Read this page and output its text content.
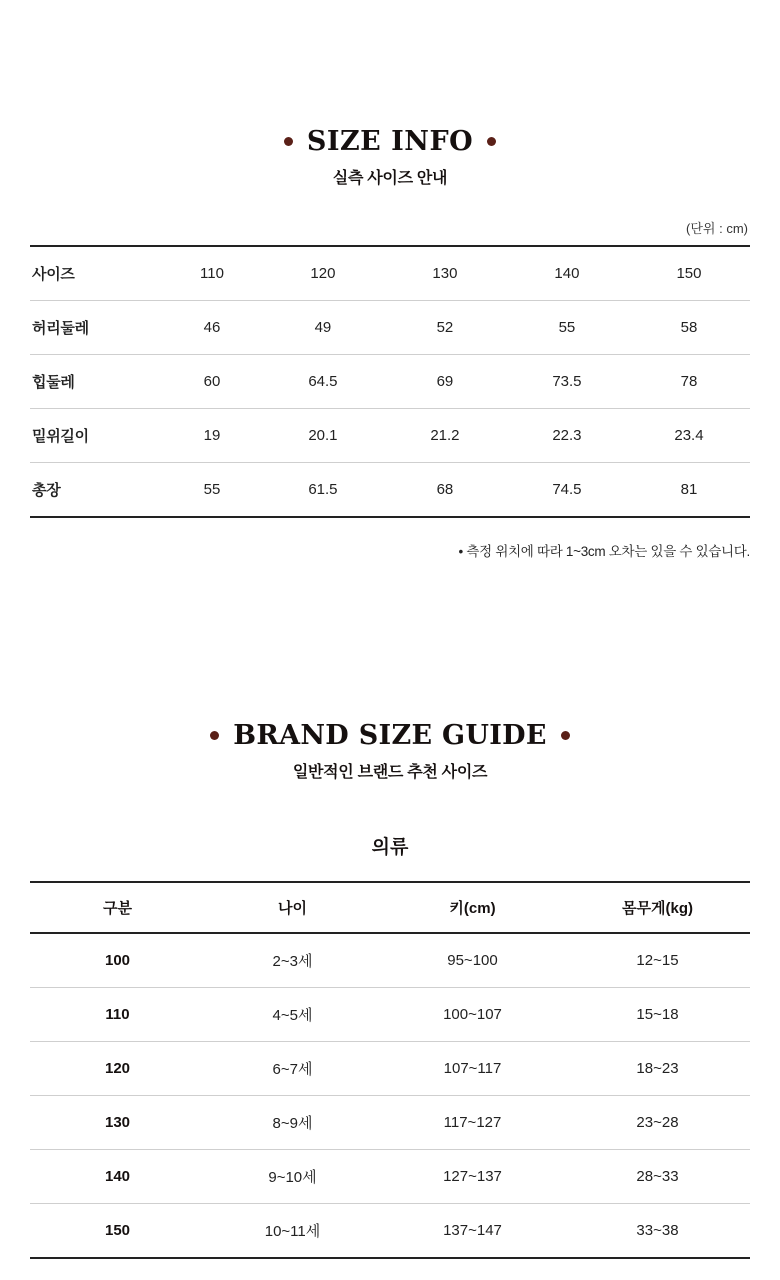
SIZE INFO
실측 사이즈 안내
(단위 : cm)
사이즈	110	120	130	140	150
허리둘레	46	49	52	55	58
힙둘레	60	64.5	69	73.5	78
밑위길이	19	20.1	21.2	22.3	23.4
총장	55	61.5	68	74.5	81
• 측정 위치에 따라 1~3cm 오차는 있을 수 있습니다.
BRAND SIZE GUIDE
일반적인 브랜드 추천 사이즈
의류
구분	나이	키(cm)	몸무게(kg)
100	2~3세	95~100	12~15
110	4~5세	100~107	15~18
120	6~7세	107~117	18~23
130	8~9세	117~127	23~28
140	9~10세	127~137	28~33
150	10~11세	137~147	33~38
